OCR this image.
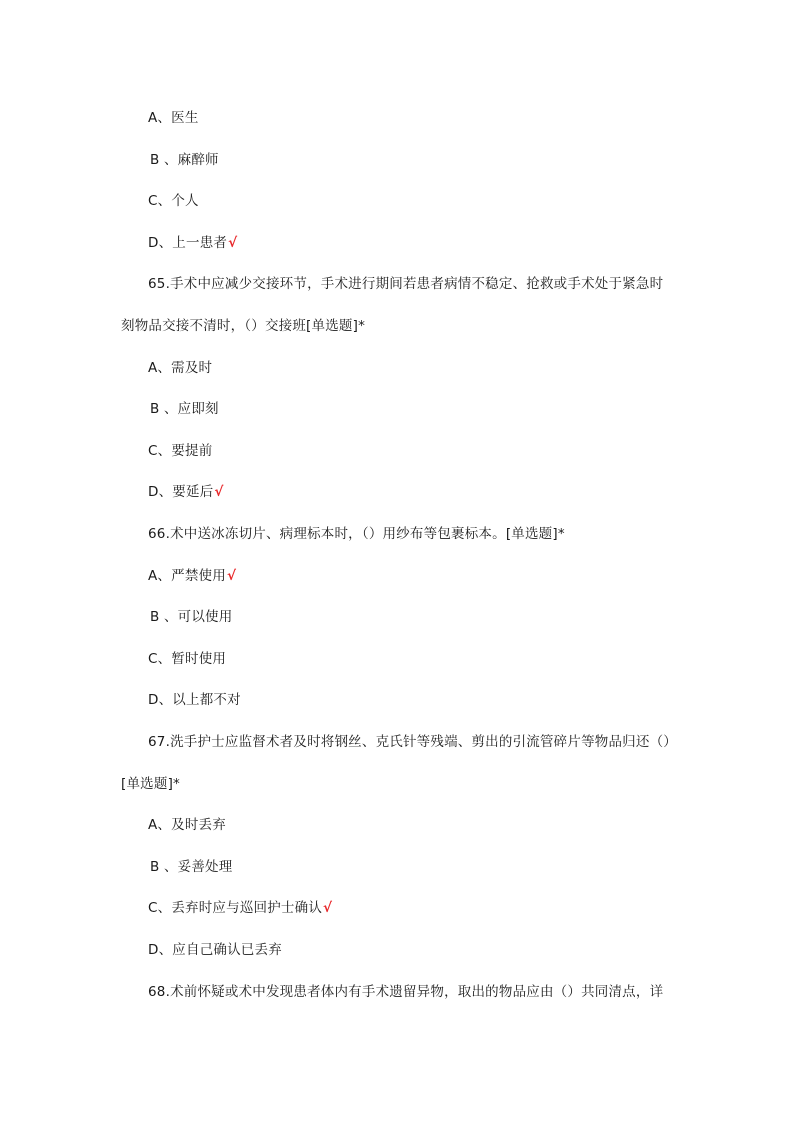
A、医生
B 、麻醉师
C、个人
D、上一患者√
65.手术中应减少交接环节，手术进行期间若患者病情不稳定、抢救或手术处于紧急时
刻物品交接不清时，（）交接班[单选题]*
A、需及时
B 、应即刻
C、要提前
D、要延后√
66.术中送冰冻切片、病理标本时，（）用纱布等包裹标本。[单选题]*
A、严禁使用√
B 、可以使用
C、暂时使用
D、以上都不对
67.洗手护士应监督术者及时将钢丝、克氏针等残端、剪出的引流管碎片等物品归还（）
[单选题]*
A、及时丢弃
B 、妥善处理
C、丢弃时应与巡回护士确认√
D、应自己确认已丢弃
68.术前怀疑或术中发现患者体内有手术遗留异物，取出的物品应由（）共同清点，详
